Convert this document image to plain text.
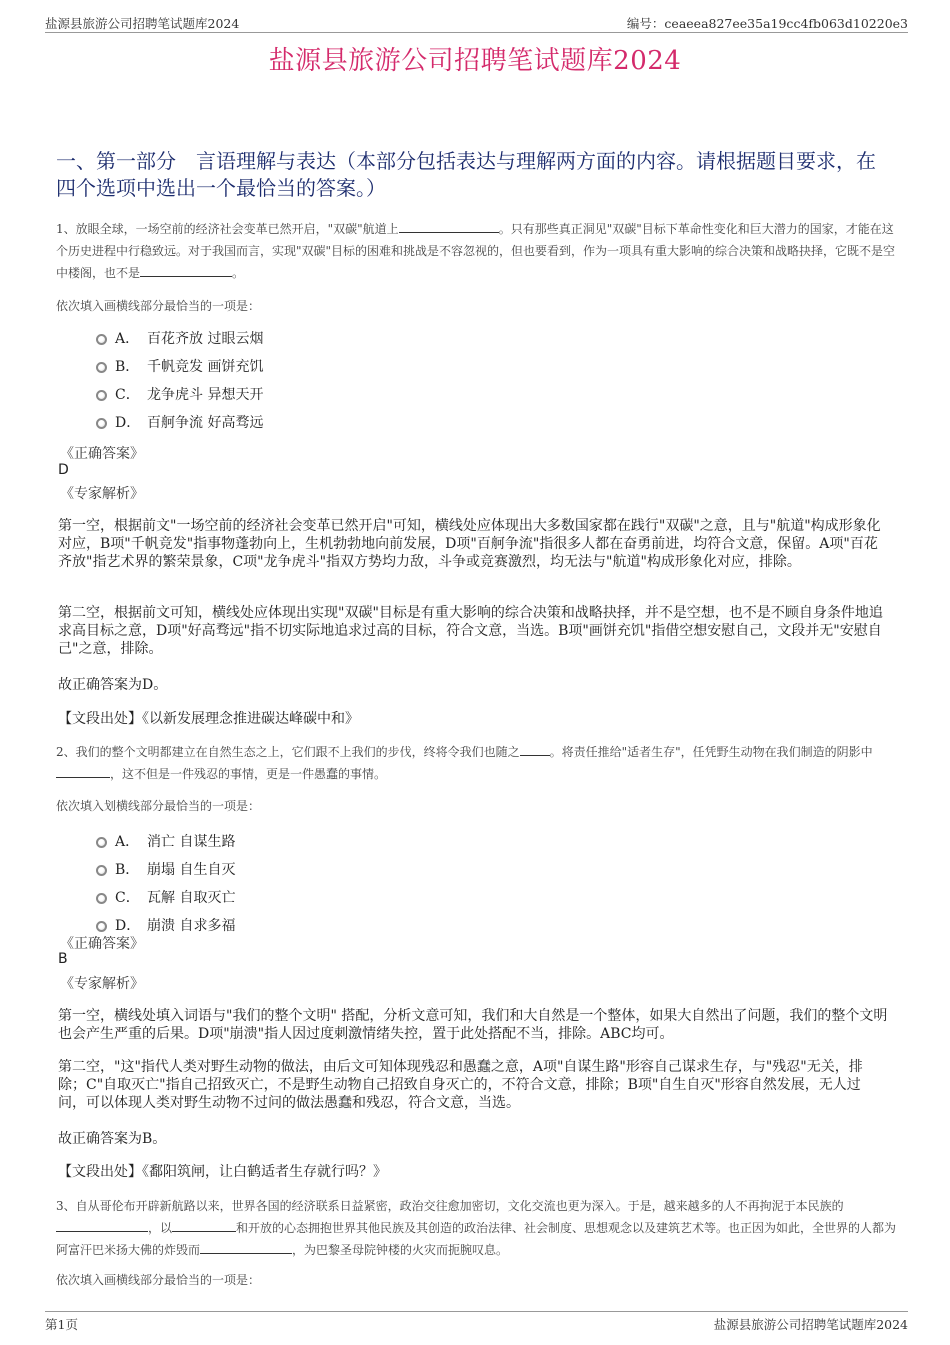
盐源县旅游公司招聘笔试题库2024	编号：ceaeea827ee35a19cc4fb063d10220e3
盐源县旅游公司招聘笔试题库2024
一、第一部分　言语理解与表达（本部分包括表达与理解两方面的内容。请根据题目要求，在四个选项中选出一个最恰当的答案。）
1、放眼全球，一场空前的经济社会变革已然开启，"双碳"航道上	。只有那些真正洞见"双碳"目标下革命性变化和巨大潜力的国家，才能在这个历史进程中行稳致远。对于我国而言，实现"双碳"目标的困难和挑战是不容忽视的，但也要看到，作为一项具有重大影响的综合决策和战略抉择，它既不是空中楼阁，也不是	。
依次填入画横线部分最恰当的一项是：
A． 百花齐放 过眼云烟
B． 千帆竞发 画饼充饥
C． 龙争虎斗 异想天开
D． 百舸争流 好高骛远
《正确答案》
D
《专家解析》
第一空，根据前文"一场空前的经济社会变革已然开启"可知，横线处应体现出大多数国家都在践行"双碳"之意，且与"航道"构成形象化对应，B项"千帆竞发"指事物蓬勃向上，生机勃勃地向前发展，D项"百舸争流"指很多人都在奋勇前进，均符合文意，保留。A项"百花齐放"指艺术界的繁荣景象，C项"龙争虎斗"指双方势均力敌，斗争或竞赛激烈，均无法与"航道"构成形象化对应，排除。
第二空，根据前文可知，横线处应体现出实现"双碳"目标是有重大影响的综合决策和战略抉择，并不是空想，也不是不顾自身条件地追求高目标之意，D项"好高骛远"指不切实际地追求过高的目标，符合文意，当选。B项"画饼充饥"指借空想安慰自己，文段并无"安慰自己"之意，排除。
故正确答案为D。
【文段出处】《以新发展理念推进碳达峰碳中和》
2、我们的整个文明都建立在自然生态之上，它们跟不上我们的步伐，终将令我们也随之	。将责任推给"适者生存"，任凭野生动物在我们制造的阴影中，这不但是一件残忍的事情，更是一件愚蠢的事情。
依次填入划横线部分最恰当的一项是：
A． 消亡 自谋生路
B． 崩塌 自生自灭
C． 瓦解 自取灭亡
D． 崩溃 自求多福
《正确答案》
B
《专家解析》
第一空，横线处填入词语与"我们的整个文明" 搭配，分析文意可知，我们和大自然是一个整体，如果大自然出了问题，我们的整个文明也会产生严重的后果。D项"崩溃"指人因过度刺激情绪失控，置于此处搭配不当，排除。ABC均可。
第二空，"这"指代人类对野生动物的做法，由后文可知体现残忍和愚蠢之意，A项"自谋生路"形容自己谋求生存，与"残忍"无关，排除；C"自取灭亡"指自己招致灭亡，不是野生动物自己招致自身灭亡的，不符合文意，排除；B项"自生自灭"形容自然发展，无人过问，可以体现人类对野生动物不过问的做法愚蠢和残忍，符合文意，当选。
故正确答案为B。
【文段出处】《鄱阳筑闸，让白鹤适者生存就行吗？》
3、自从哥伦布开辟新航路以来，世界各国的经济联系日益紧密，政治交往愈加密切，文化交流也更为深入。于是，越来越多的人不再拘泥于本民族的，以	和开放的心态拥抱世界其他民族及其创造的政治法律、社会制度、思想观念以及建筑艺术等。也正因为如此，全世界的人都为阿富汗巴米扬大佛的炸毁而	，为巴黎圣母院钟楼的火灾而扼腕叹息。
依次填入画横线部分最恰当的一项是：
第1页	盐源县旅游公司招聘笔试题库2024
